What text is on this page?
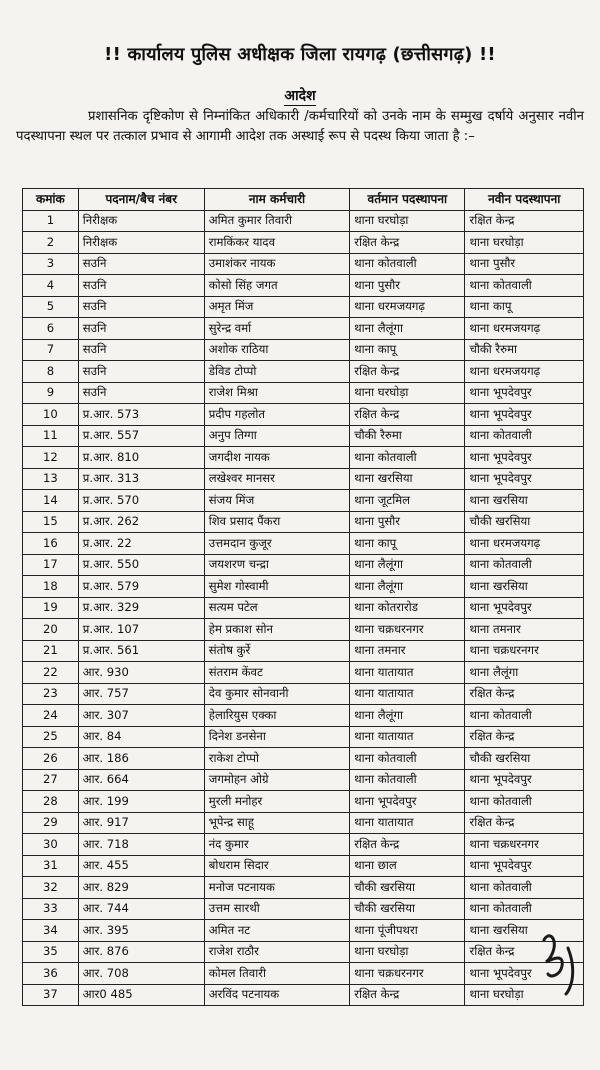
!! कार्यालय पुलिस अधीक्षक जिला रायगढ़ (छत्तीसगढ़) !!
आदेश
प्रशासनिक दृष्टिकोण से निम्नांकित अधिकारी /कर्मचारियों को उनके नाम के सम्मुख दर्षाये अनुसार नवीन पदस्थापना स्थल पर तत्काल प्रभाव से आगामी आदेश तक अस्थाई रूप से पदस्थ किया जाता है :–
कमांक	पदनाम/बैच नंबर	नाम कर्मचारी	वर्तमान पदस्थापना	नवीन पदस्थापना
1	निरीक्षक	अमित कुमार तिवारी	थाना घरघोड़ा	रक्षित केन्द्र
2	निरीक्षक	रामकिंकर यादव	रक्षित केन्द्र	थाना घरघोड़ा
3	सउनि	उमाशंकर नायक	थाना कोतवाली	थाना पुसौर
4	सउनि	कोसो सिंह जगत	थाना पुसौर	थाना कोतवाली
5	सउनि	अमृत मिंज	थाना धरमजयगढ़	थाना कापू
6	सउनि	सुरेन्द्र वर्मा	थाना लैलूंगा	थाना धरमजयगढ़
7	सउनि	अशोक राठिया	थाना कापू	चौकी रैरुमा
8	सउनि	डेविड टोप्पो	रक्षित केन्द्र	थाना धरमजयगढ़
9	सउनि	राजेश मिश्रा	थाना घरघोड़ा	थाना भूपदेवपुर
10	प्र.आर. 573	प्रदीप गहलोत	रक्षित केन्द्र	थाना भूपदेवपुर
11	प्र.आर. 557	अनुप तिग्गा	चौकी रैरुमा	थाना कोतवाली
12	प्र.आर. 810	जगदीश नायक	थाना कोतवाली	थाना भूपदेवपुर
13	प्र.आर. 313	लखेश्वर मानसर	थाना खरसिया	थाना भूपदेवपुर
14	प्र.आर. 570	संजय मिंज	थाना जूटमिल	थाना खरसिया
15	प्र.आर. 262	शिव प्रसाद पैंकरा	थाना पुसौर	चौकी खरसिया
16	प्र.आर. 22	उत्तमदान कुजूर	थाना कापू	थाना धरमजयगढ़
17	प्र.आर. 550	जयशरण चन्द्रा	थाना लैलूंगा	थाना कोतवाली
18	प्र.आर. 579	सुमेश गोस्वामी	थाना लैलूंगा	थाना खरसिया
19	प्र.आर. 329	सत्यम पटेल	थाना कोतरारोड	थाना भूपदेवपुर
20	प्र.आर. 107	हेम प्रकाश सोन	थाना चक्रधरनगर	थाना तमनार
21	प्र.आर. 561	संतोष कुर्रे	थाना तमनार	थाना चक्रधरनगर
22	आर. 930	संतराम केंवट	थाना यातायात	थाना लैलूंगा
23	आर. 757	देव कुमार सोनवानी	थाना यातायात	रक्षित केन्द्र
24	आर. 307	हेलारियुस एक्का	थाना लैलूंगा	थाना कोतवाली
25	आर. 84	दिनेश डनसेना	थाना यातायात	रक्षित केन्द्र
26	आर. 186	राकेश टोप्पो	थाना कोतवाली	चौकी खरसिया
27	आर. 664	जगमोहन ओग्रे	थाना कोतवाली	थाना भूपदेवपुर
28	आर. 199	मुरली मनोहर	थाना भूपदेवपुर	थाना कोतवाली
29	आर. 917	भूपेन्द्र साहू	थाना यातायात	रक्षित केन्द्र
30	आर. 718	नंद कुमार	रक्षित केन्द्र	थाना चक्रधरनगर
31	आर. 455	बोधराम सिदार	थाना छाल	थाना भूपदेवपुर
32	आर. 829	मनोज पटनायक	चौकी खरसिया	थाना कोतवाली
33	आर. 744	उत्तम सारथी	चौकी खरसिया	थाना कोतवाली
34	आर. 395	अमित नट	थाना पूंजीपथरा	थाना खरसिया
35	आर. 876	राजेश राठौर	थाना घरघोड़ा	रक्षित केन्द्र
36	आर. 708	कोमल तिवारी	थाना चक्रधरनगर	थाना भूपदेवपुर
37	आर0 485	अरविंद पटनायक	रक्षित केन्द्र	थाना घरघोड़ा
